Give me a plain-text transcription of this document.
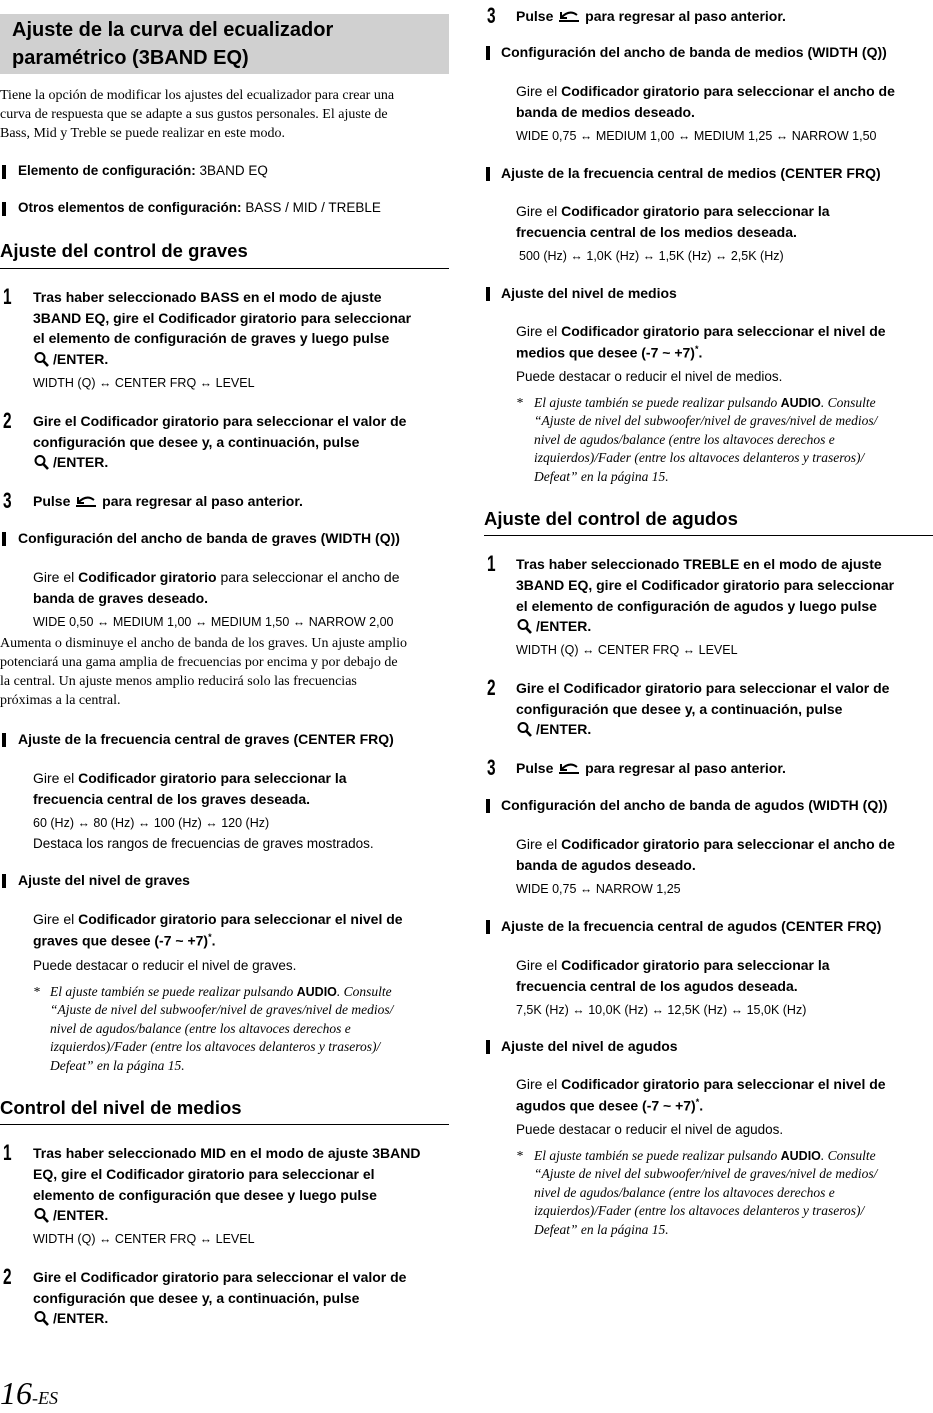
Ajuste de la curva del ecualizador
paramétrico (3BAND EQ)
Tiene la opción de modificar los ajustes del ecualizador para crear una
curva de respuesta que se adapte a sus gustos personales. El ajuste de
Bass, Mid y Treble se puede realizar en este modo.
Elemento de configuración: 3BAND EQ
Otros elementos de configuración: BASS / MID / TREBLE
Ajuste del control de graves
1 Tras haber seleccionado BASS en el modo de ajuste
3BAND EQ, gire el Codificador giratorio para seleccionar
el elemento de configuración de graves y luego pulse
/ENTER.
WIDTH (Q) ↔ CENTER FRQ ↔ LEVEL
2 Gire el Codificador giratorio para seleccionar el valor de
configuración que desee y, a continuación, pulse
/ENTER.
3 Pulse para regresar al paso anterior.
Configuración del ancho de banda de graves (WIDTH (Q))
Gire el Codificador giratorio para seleccionar el ancho de
banda de graves deseado.
WIDE 0,50 ↔ MEDIUM 1,00 ↔ MEDIUM 1,50 ↔ NARROW 2,00
Aumenta o disminuye el ancho de banda de los graves. Un ajuste amplio
potenciará una gama amplia de frecuencias por encima y por debajo de
la central. Un ajuste menos amplio reducirá solo las frecuencias
próximas a la central.
Ajuste de la frecuencia central de graves (CENTER FRQ)
Gire el Codificador giratorio para seleccionar la
frecuencia central de los graves deseada.
60 (Hz) ↔ 80 (Hz) ↔ 100 (Hz) ↔ 120 (Hz)
Destaca los rangos de frecuencias de graves mostrados.
Ajuste del nivel de graves
Gire el Codificador giratorio para seleccionar el nivel de
graves que desee (-7 ~ +7)*.
Puede destacar o reducir el nivel de graves.
* El ajuste también se puede realizar pulsando AUDIO. Consulte
“Ajuste de nivel del subwoofer/nivel de graves/nivel de medios/
nivel de agudos/balance (entre los altavoces derechos e
izquierdos)/Fader (entre los altavoces delanteros y traseros)/
Defeat” en la página 15.
Control del nivel de medios
1 Tras haber seleccionado MID en el modo de ajuste 3BAND
EQ, gire el Codificador giratorio para seleccionar el
elemento de configuración que desee y luego pulse
/ENTER.
WIDTH (Q) ↔ CENTER FRQ ↔ LEVEL
2 Gire el Codificador giratorio para seleccionar el valor de
configuración que desee y, a continuación, pulse
/ENTER.
16-ES
3 Pulse para regresar al paso anterior.
Configuración del ancho de banda de medios (WIDTH (Q))
Gire el Codificador giratorio para seleccionar el ancho de
banda de medios deseado.
WIDE 0,75 ↔ MEDIUM 1,00 ↔ MEDIUM 1,25 ↔ NARROW 1,50
Ajuste de la frecuencia central de medios (CENTER FRQ)
Gire el Codificador giratorio para seleccionar la
frecuencia central de los medios deseada.
500 (Hz) ↔ 1,0K (Hz) ↔ 1,5K (Hz) ↔ 2,5K (Hz)
Ajuste del nivel de medios
Gire el Codificador giratorio para seleccionar el nivel de
medios que desee (-7 ~ +7)*.
Puede destacar o reducir el nivel de medios.
* El ajuste también se puede realizar pulsando AUDIO. Consulte
“Ajuste de nivel del subwoofer/nivel de graves/nivel de medios/
nivel de agudos/balance (entre los altavoces derechos e
izquierdos)/Fader (entre los altavoces delanteros y traseros)/
Defeat” en la página 15.
Ajuste del control de agudos
1 Tras haber seleccionado TREBLE en el modo de ajuste
3BAND EQ, gire el Codificador giratorio para seleccionar
el elemento de configuración de agudos y luego pulse
/ENTER.
WIDTH (Q) ↔ CENTER FRQ ↔ LEVEL
2 Gire el Codificador giratorio para seleccionar el valor de
configuración que desee y, a continuación, pulse
/ENTER.
3 Pulse para regresar al paso anterior.
Configuración del ancho de banda de agudos (WIDTH (Q))
Gire el Codificador giratorio para seleccionar el ancho de
banda de agudos deseado.
WIDE 0,75 ↔ NARROW 1,25
Ajuste de la frecuencia central de agudos (CENTER FRQ)
Gire el Codificador giratorio para seleccionar la
frecuencia central de los agudos deseada.
7,5K (Hz) ↔ 10,0K (Hz) ↔ 12,5K (Hz) ↔ 15,0K (Hz)
Ajuste del nivel de agudos
Gire el Codificador giratorio para seleccionar el nivel de
agudos que desee (-7 ~ +7)*.
Puede destacar o reducir el nivel de agudos.
* El ajuste también se puede realizar pulsando AUDIO. Consulte
“Ajuste de nivel del subwoofer/nivel de graves/nivel de medios/
nivel de agudos/balance (entre los altavoces derechos e
izquierdos)/Fader (entre los altavoces delanteros y traseros)/
Defeat” en la página 15.
